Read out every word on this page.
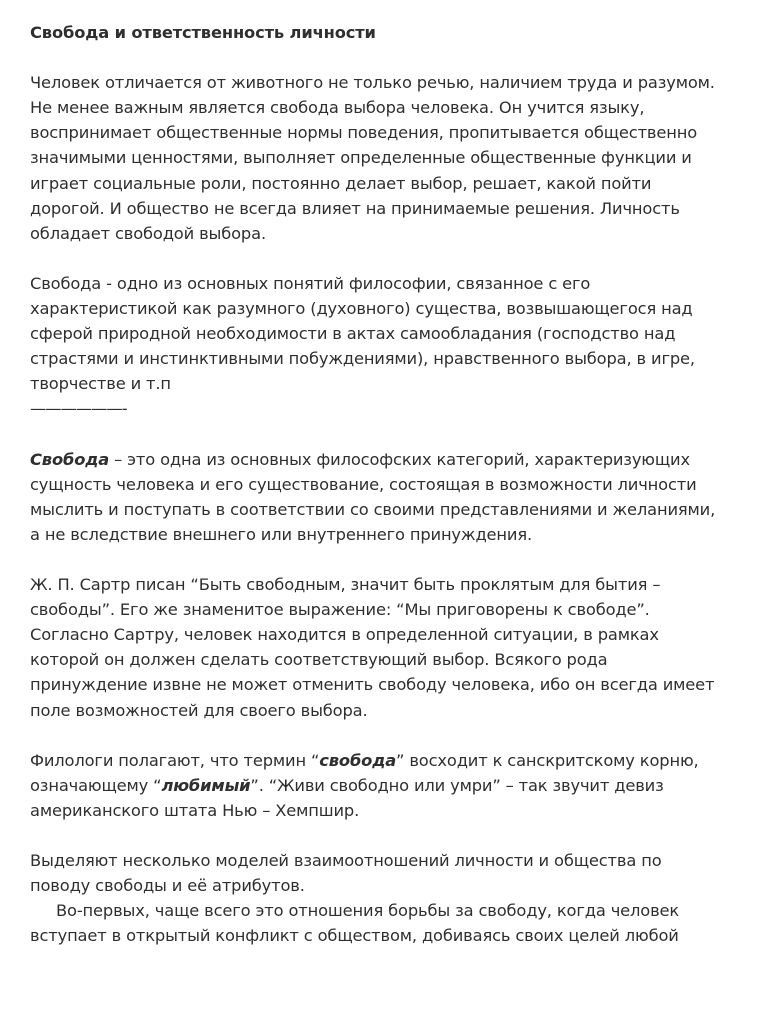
Свобода и ответственность личности
Человек отличается от животного не только речью, наличием труда и разумом.
Не менее важным является свобода выбора человека. Он учится языку,
воспринимает общественные нормы поведения, пропитывается общественно
значимыми ценностями, выполняет определенные общественные функции и
играет социальные роли, постоянно делает выбор, решает, какой пойти
дорогой. И общество не всегда влияет на принимаемые решения. Личность
обладает свободой выбора.
Свобода - одно из основных понятий философии, связанное с его
характеристикой как разумного (духовного) существа, возвышающегося над
сферой природной необходимости в актах самообладания (господство над
страстями и инстинктивными побуждениями), нравственного выбора, в игре,
творчестве и т.п
——————-
Свобода – это одна из основных философских категорий, характеризующих
сущность человека и его существование, состоящая в возможности личности
мыслить и поступать в соответствии со своими представлениями и желаниями,
а не вследствие внешнего или внутреннего принуждения.
Ж. П. Сартр писан “Быть свободным, значит быть проклятым для бытия –
свободы”. Его же знаменитое выражение: “Мы приговорены к свободе”.
Согласно Сартру, человек находится в определенной ситуации, в рамках
которой он должен сделать соответствующий выбор. Всякого рода
принуждение извне не может отменить свободу человека, ибо он всегда имеет
поле возможностей для своего выбора.
Филологи полагают, что термин “свобода” восходит к санскритскому корню,
означающему “любимый”. “Живи свободно или умри” – так звучит девиз
американского штата Нью – Хемпшир.
Выделяют несколько моделей взаимоотношений личности и общества по
поводу свободы и её атрибутов.
Во-первых, чаще всего это отношения борьбы за свободу, когда человек
вступает в открытый конфликт с обществом, добиваясь своих целей любой
